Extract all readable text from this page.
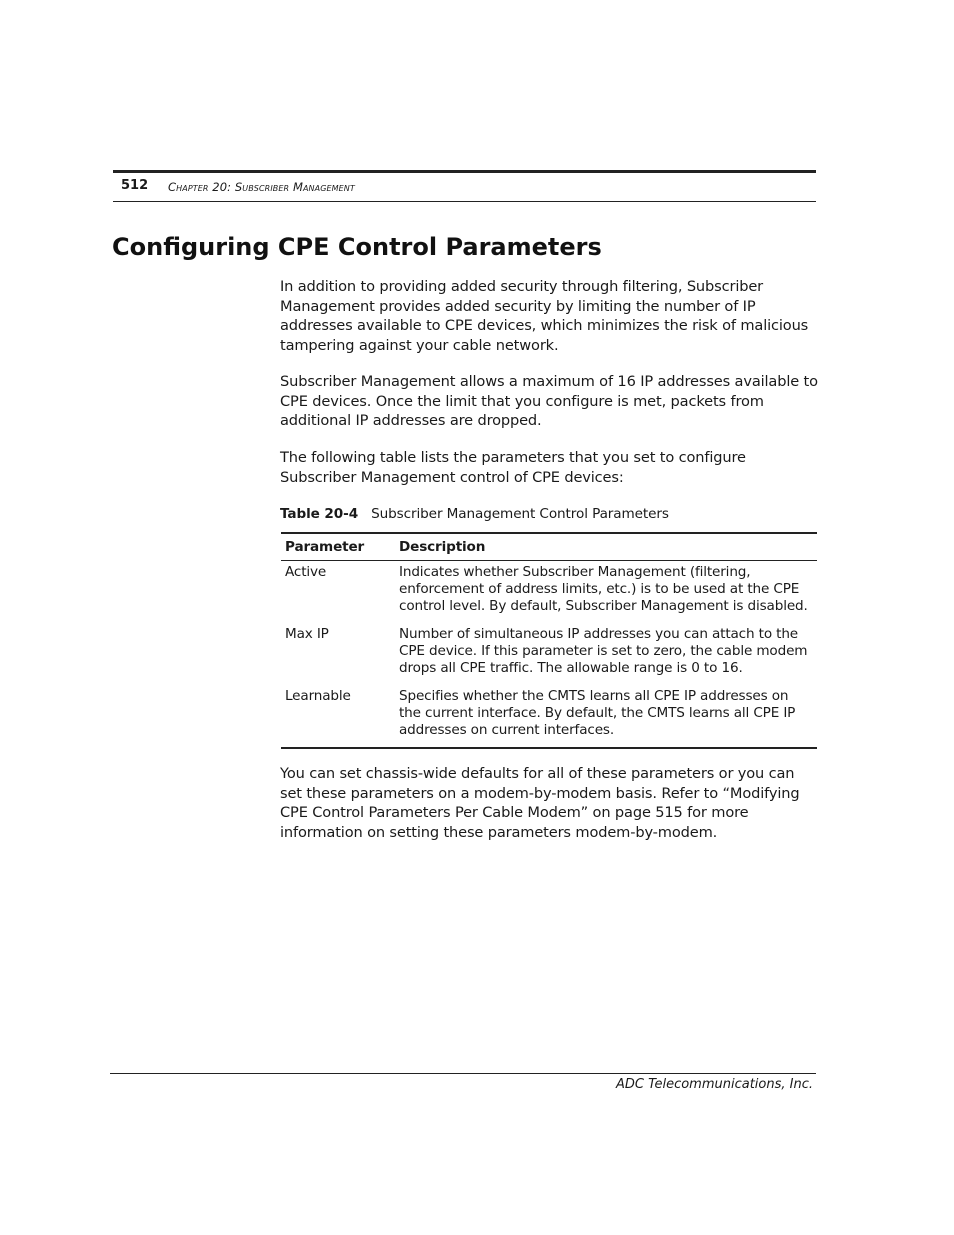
512 Chapter 20: Subscriber Management
Configuring CPE Control Parameters

In addition to providing added security through filtering, Subscriber Management provides added security by limiting the number of IP addresses available to CPE devices, which minimizes the risk of malicious tampering against your cable network.

Subscriber Management allows a maximum of 16 IP addresses available to CPE devices. Once the limit that you configure is met, packets from additional IP addresses are dropped.

The following table lists the parameters that you set to configure Subscriber Management control of CPE devices:

Table 20-4 Subscriber Management Control Parameters
Parameter	Description
Active	Indicates whether Subscriber Management (filtering, enforcement of address limits, etc.) is to be used at the CPE control level. By default, Subscriber Management is disabled.
Max IP	Number of simultaneous IP addresses you can attach to the CPE device. If this parameter is set to zero, the cable modem drops all CPE traffic. The allowable range is 0 to 16.
Learnable	Specifies whether the CMTS learns all CPE IP addresses on the current interface. By default, the CMTS learns all CPE IP addresses on current interfaces.

You can set chassis-wide defaults for all of these parameters or you can set these parameters on a modem-by-modem basis. Refer to “Modifying CPE Control Parameters Per Cable Modem” on page 515 for more information on setting these parameters modem-by-modem.

ADC Telecommunications, Inc.
